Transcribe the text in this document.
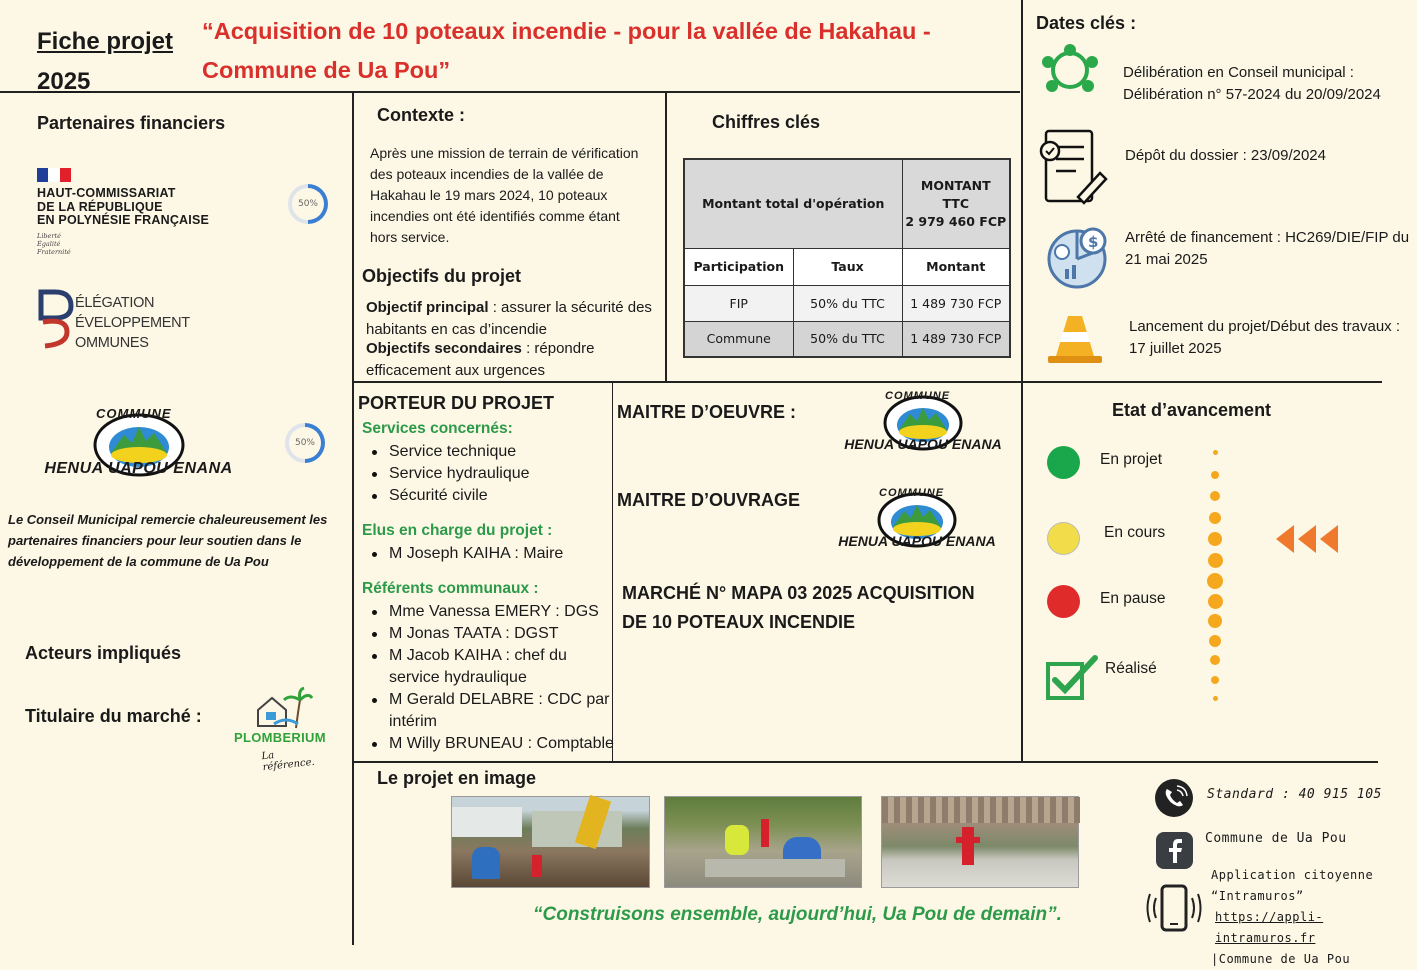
Fiche projet
2025
“Acquisition de 10 poteaux incendie - pour la vallée de Hakahau -
Commune de Ua Pou”
Partenaires financiers
HAUT-COMMISSARIAT
DE LA RÉPUBLIQUE
EN POLYNÉSIE FRANÇAISE
Liberté
Égalité
Fraternité
50%
ÉLÉGATION
ÉVELOPPEMENT
OMMUNES
COMMUNE
HENUA UAPOU ENANA
50%
Le Conseil Municipal remercie chaleureusement les partenaires financiers pour leur soutien dans le développement de la commune de Ua Pou
Acteurs impliqués
Titulaire du marché :
PLOMBERIUM
La référence.
Contexte :
Après une mission de terrain de vérification des poteaux incendies de la vallée de Hakahau le 19 mars 2024, 10 poteaux incendies ont été identifiés comme étant hors service.
Objectifs du projet
Objectif principal : assurer la sécurité des habitants en cas d’incendie
Objectifs secondaires : répondre efficacement aux urgences
Chiffres clés
Montant total d'opération		MONTANT
TTC
2 979 460 FCP

Participation	Taux	Montant
FIP	50% du TTC	1 489 730 FCP
Commune	50% du TTC	1 489 730 FCP
Dates clés :
Délibération en Conseil municipal : Délibération n° 57-2024 du 20/09/2024
Dépôt du dossier : 23/09/2024
$ Arrêté de financement : HC269/DIE/FIP du 21 mai 2025
Lancement du projet/Début des travaux : 17 juillet 2025
PORTEUR DU PROJET
Services concernés:
Service technique
Service hydraulique
Sécurité civile
Elus en charge du projet :
M Joseph KAIHA : Maire
Référents communaux :
Mme Vanessa EMERY : DGS
M Jonas TAATA : DGST
M Jacob KAIHA : chef du service hydraulique
M Gerald DELABRE : CDC par intérim
M Willy BRUNEAU : Comptable
MAITRE D’OEUVRE :
COMMUNE
HENUA UAPOU ENANA
MAITRE D’OUVRAGE	COMMUNE
HENUA UAPOU ENANA
MARCHÉ N° MAPA 03 2025 ACQUISITION
DE 10 POTEAUX INCENDIE
Etat d’avancement
En projet
En cours
En pause
Réalisé
Le projet en image
“Construisons ensemble, aujourd’hui, Ua Pou de demain”.
Standard : 40 915 105
Commune de Ua Pou
Application citoyenne
“Intramuros”
https://appli-intramuros.fr
|Commune de Ua Pou
